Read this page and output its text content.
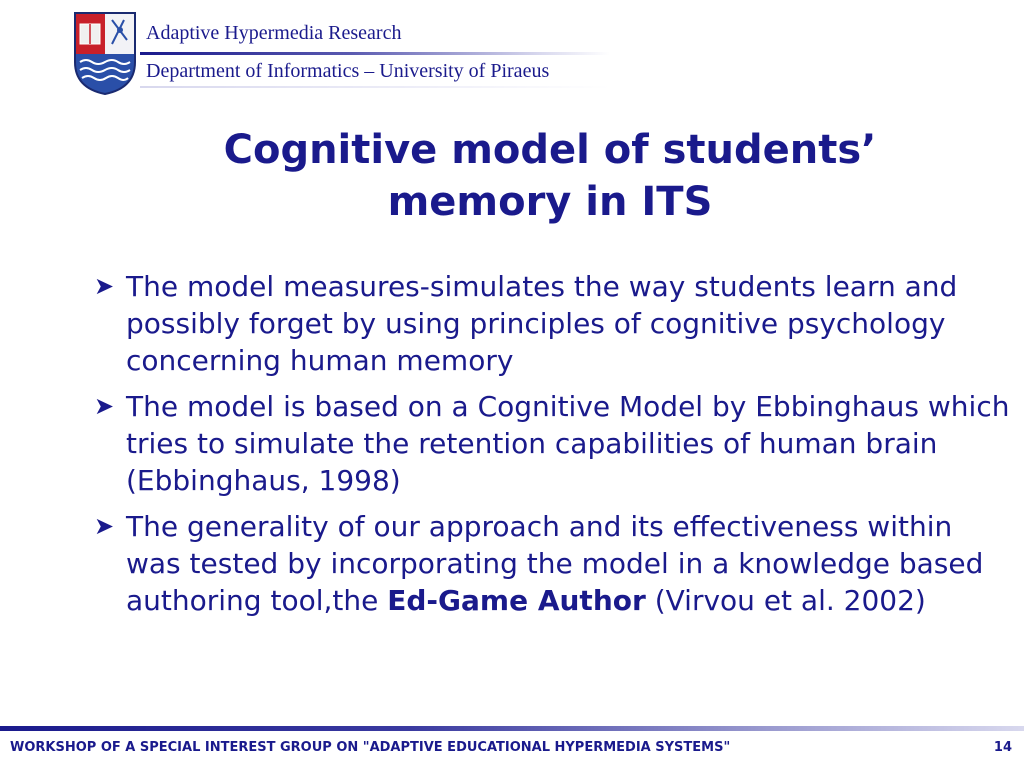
Adaptive Hypermedia Research
Department of Informatics – University of Piraeus
Cognitive model of students’
memory in ITS
➤ The model measures-simulates the way students learn and possibly forget by using principles of cognitive psychology concerning human memory
➤ The model is based on a Cognitive Model by Ebbinghaus which tries to simulate the retention capabilities of human brain (Ebbinghaus, 1998)
➤ The generality of our approach and its effectiveness within was tested by incorporating the model in a knowledge based authoring tool,the Ed-Game Author (Virvou et al. 2002)
WORKSHOP OF A SPECIAL INTEREST GROUP ON "ADAPTIVE EDUCATIONAL HYPERMEDIA SYSTEMS"	14
